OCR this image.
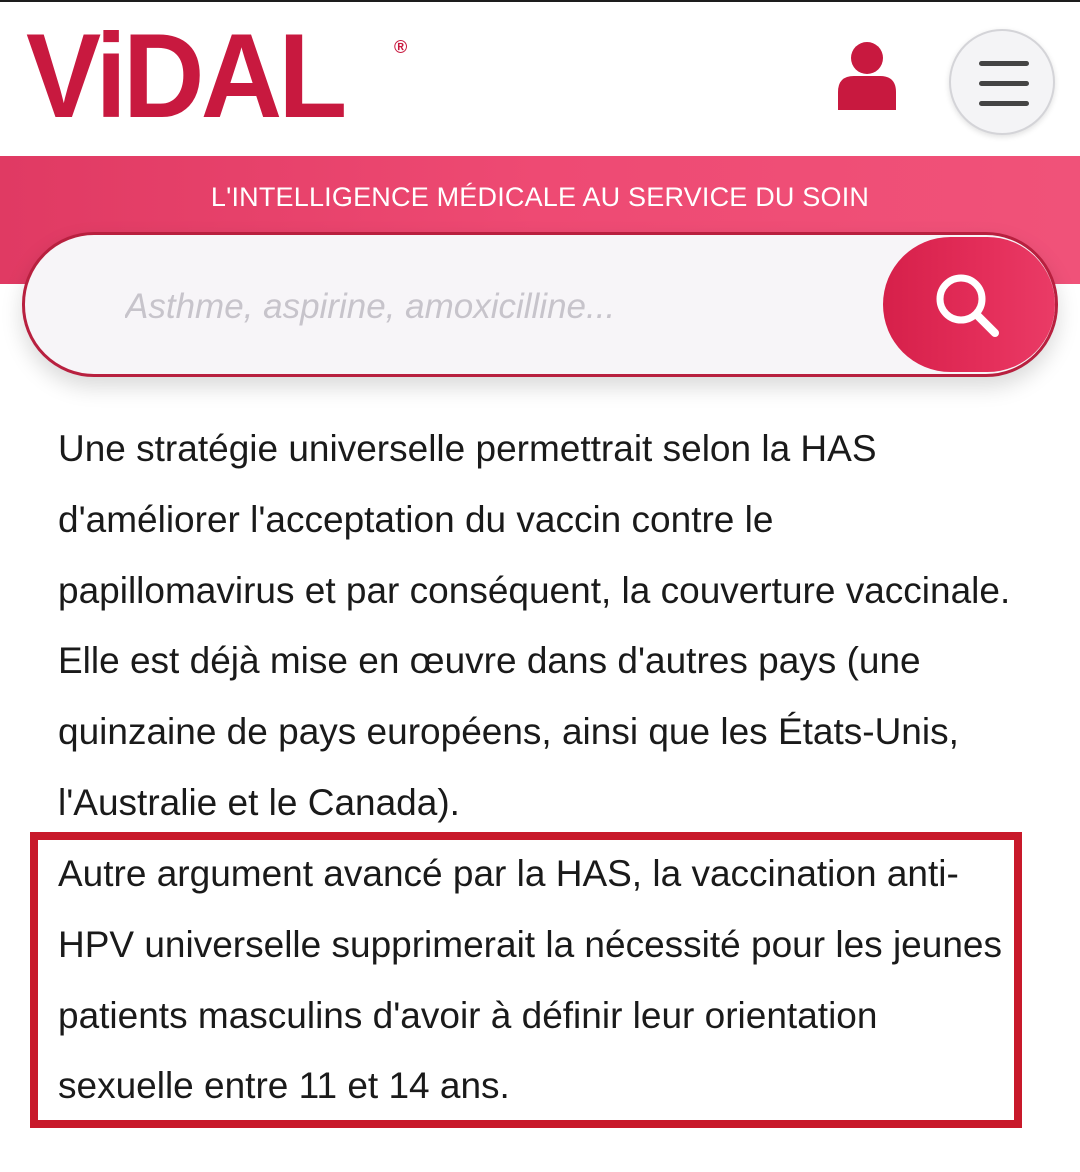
ViDAL	®
L'INTELLIGENCE MÉDICALE AU SERVICE DU SOIN
Asthme, aspirine, amoxicilline...
Une stratégie universelle permettrait selon la HAS d'améliorer l'acceptation du vaccin contre le papillomavirus et par conséquent, la couverture vaccinale. Elle est déjà mise en œuvre dans d'autres pays (une quinzaine de pays européens, ainsi que les États-Unis, l'Australie et le Canada).
Autre argument avancé par la HAS, la vaccination anti-HPV universelle supprimerait la nécessité pour les jeunes patients masculins d'avoir à définir leur orientation sexuelle entre 11 et 14 ans.
